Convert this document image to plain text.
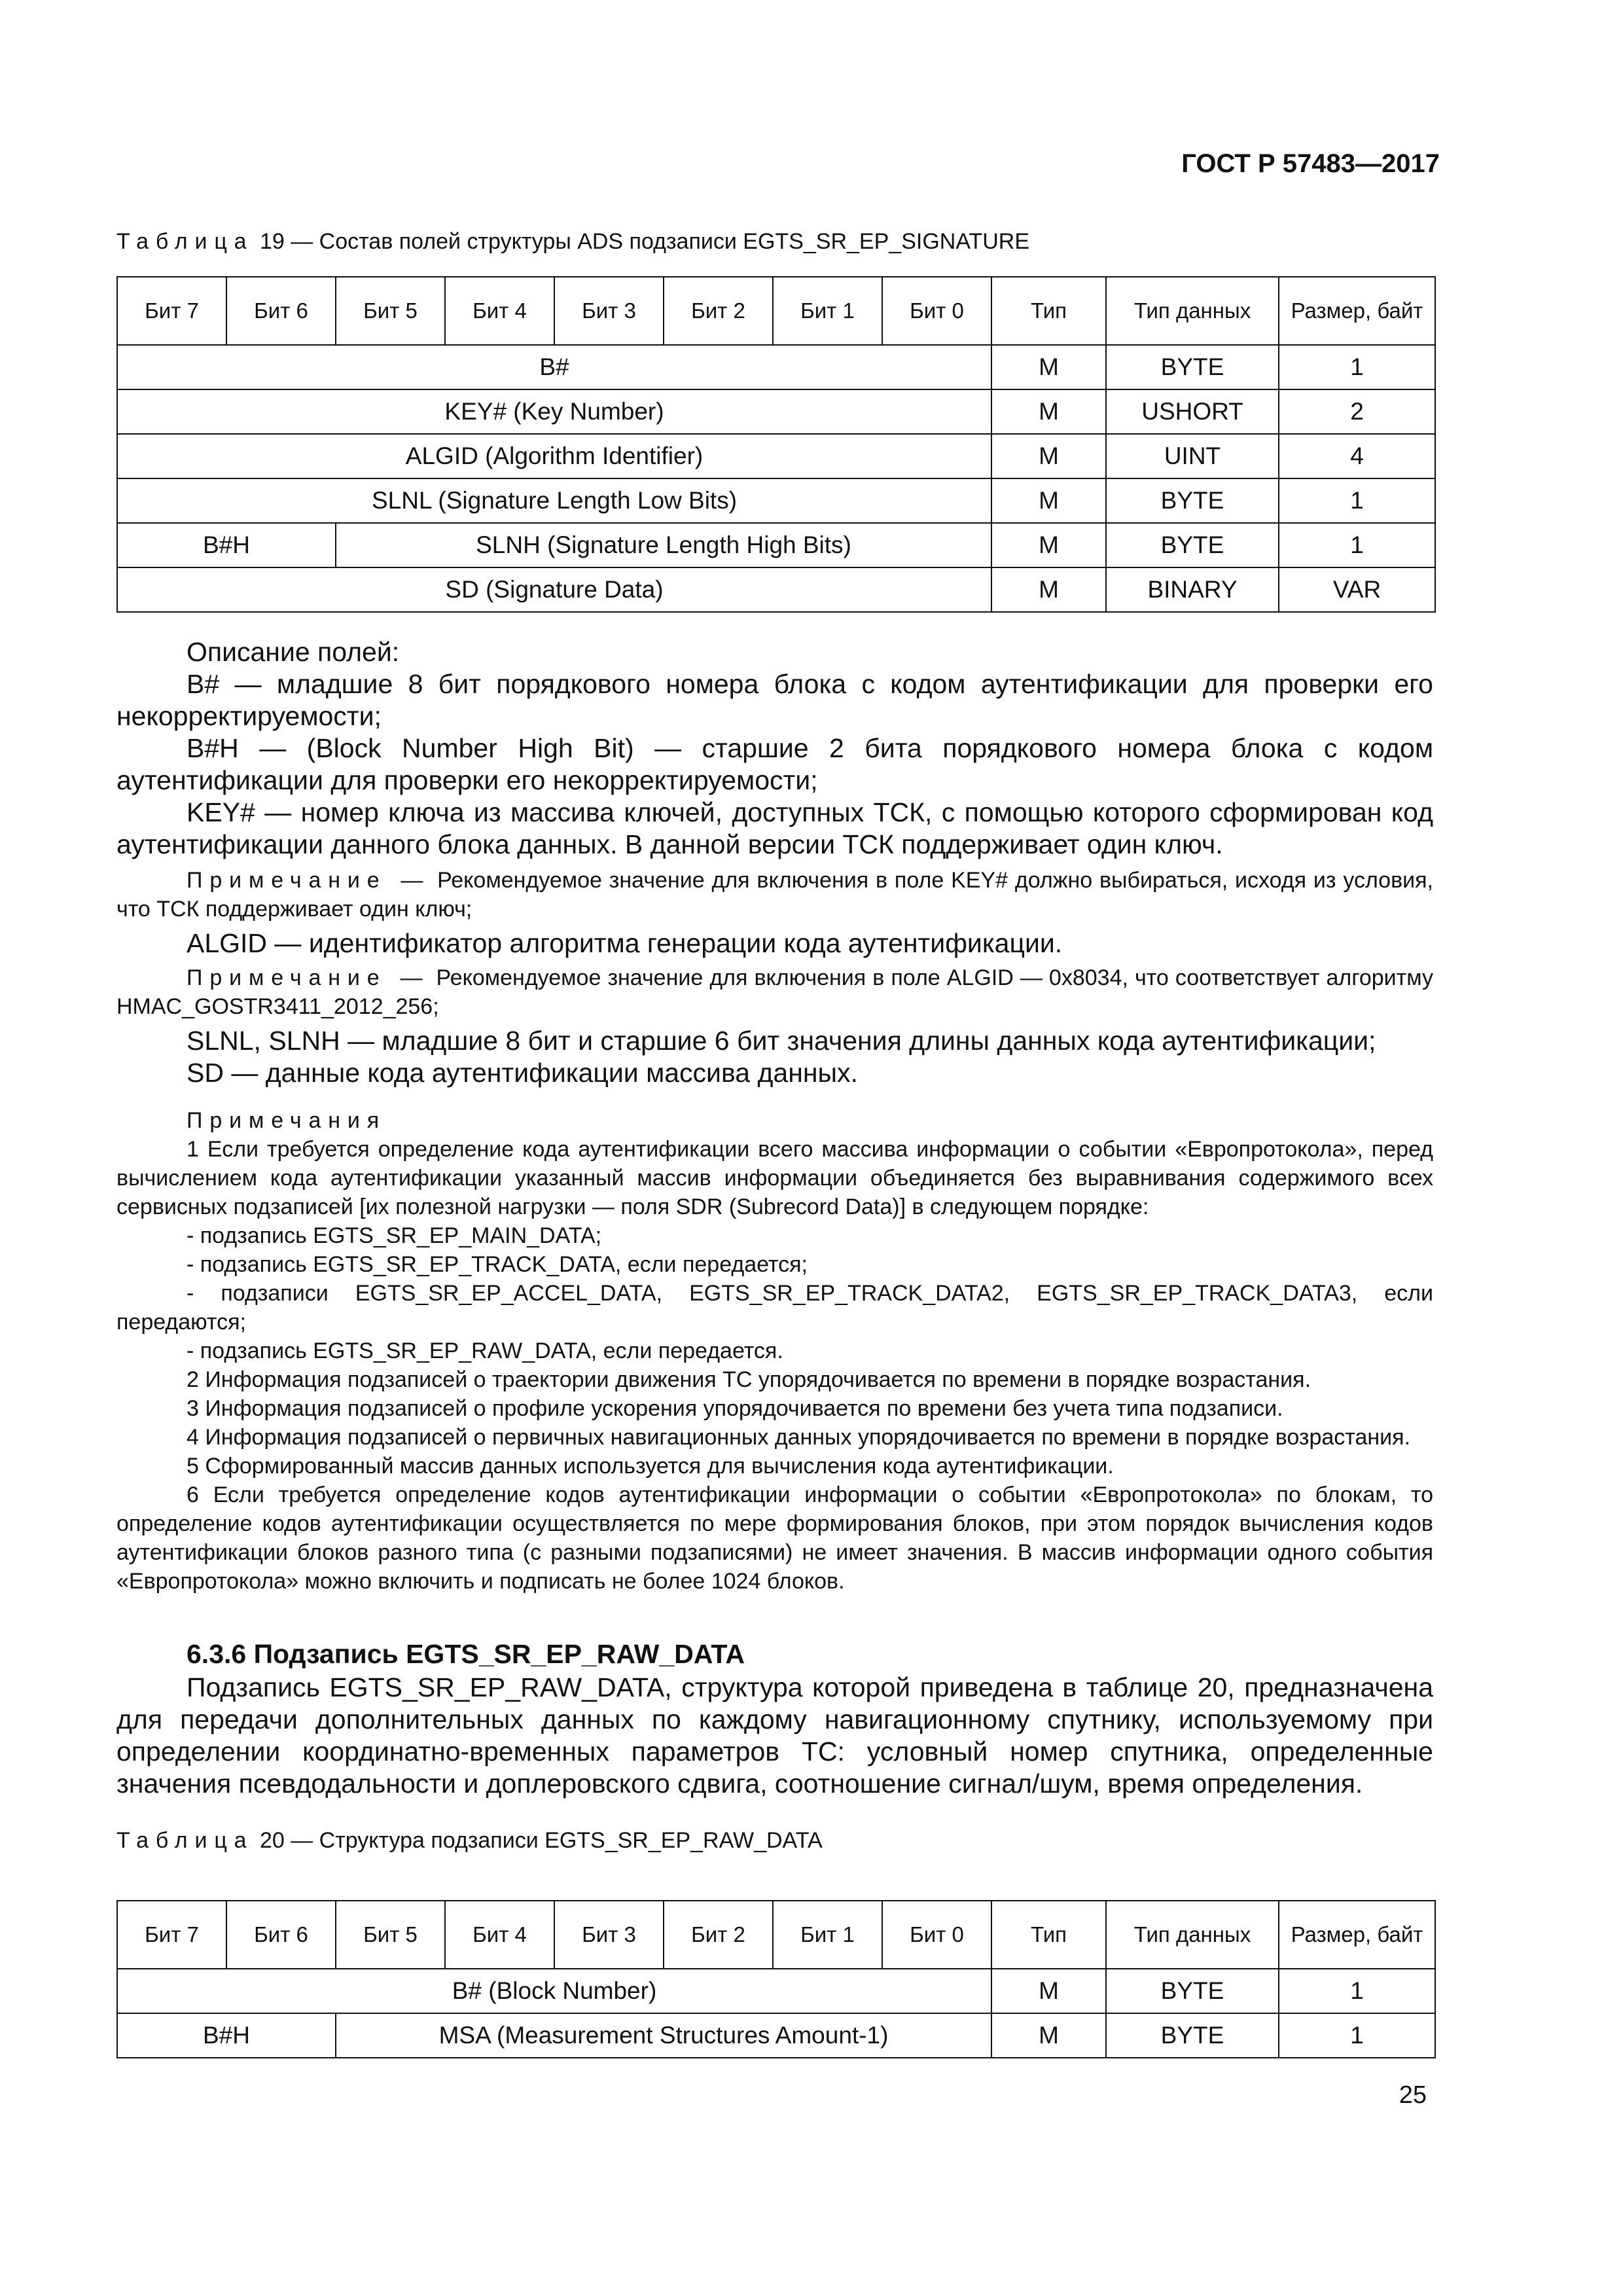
ГОСТ Р 57483—2017
Таблица 19 — Состав полей структуры ADS подзаписи EGTS_SR_EP_SIGNATURE
Бит 7	Бит 6	Бит 5	Бит 4	Бит 3	Бит 2	Бит 1	Бит 0	Тип	Тип данных	Размер, байт
B#								M	BYTE	1
KEY# (Key Number)								M	USHORT	2
ALGID (Algorithm Identifier)								M	UINT	4
SLNL (Signature Length Low Bits)								M	BYTE	1
B#H		SLNH (Signature Length High Bits)						M	BYTE	1
SD (Signature Data)								M	BINARY	VAR

Описание полей:

B# — младшие 8 бит порядкового номера блока с кодом аутентификации для проверки его некорректируемости;

B#H — (Block Number High Bit) — старшие 2 бита порядкового номера блока с кодом аутентификации для проверки его некорректируемости;

KEY# — номер ключа из массива ключей, доступных ТСК, с помощью которого сформирован код аутентификации данного блока данных. В данной версии ТСК поддерживает один ключ.

Примечание — Рекомендуемое значение для включения в поле KEY# должно выбираться, исходя из условия, что ТСК поддерживает один ключ;

ALGID — идентификатор алгоритма генерации кода аутентификации.

Примечание — Рекомендуемое значение для включения в поле ALGID — 0x8034, что соответствует алгоритму HMAC_GOSTR3411_2012_256;

SLNL, SLNH — младшие 8 бит и старшие 6 бит значения длины данных кода аутентификации;

SD — данные кода аутентификации массива данных.

Примечания

1 Если требуется определение кода аутентификации всего массива информации о событии «Европротокола», перед вычислением кода аутентификации указанный массив информации объединяется без выравнивания содержимого всех сервисных подзаписей [их полезной нагрузки — поля SDR (Subrecord Data)] в следующем порядке:

- подзапись EGTS_SR_EP_MAIN_DATA;

- подзапись EGTS_SR_EP_TRACK_DATA, если передается;

- подзаписи EGTS_SR_EP_ACCEL_DATA, EGTS_SR_EP_TRACK_DATA2, EGTS_SR_EP_TRACK_DATA3, если передаются;

- подзапись EGTS_SR_EP_RAW_DATA, если передается.

2 Информация подзаписей о траектории движения ТС упорядочивается по времени в порядке возрастания.

3 Информация подзаписей о профиле ускорения упорядочивается по времени без учета типа подзаписи.

4 Информация подзаписей о первичных навигационных данных упорядочивается по времени в порядке возрастания.

5 Сформированный массив данных используется для вычисления кода аутентификации.

6 Если требуется определение кодов аутентификации информации о событии «Европротокола» по блокам, то определение кодов аутентификации осуществляется по мере формирования блоков, при этом порядок вычисления кодов аутентификации блоков разного типа (с разными подзаписями) не имеет значения. В массив информации одного события «Европротокола» можно включить и подписать не более 1024 блоков.

6.3.6 Подзапись EGTS_SR_EP_RAW_DATA

Подзапись EGTS_SR_EP_RAW_DATA, структура которой приведена в таблице 20, предназначена для передачи дополнительных данных по каждому навигационному спутнику, используемому при определении координатно-временных параметров ТС: условный номер спутника, определенные значения псевдодальности и доплеровского сдвига, соотношение сигнал/шум, время определения.

Таблица 20 — Структура подзаписи EGTS_SR_EP_RAW_DATA
Бит 7	Бит 6	Бит 5	Бит 4	Бит 3	Бит 2	Бит 1	Бит 0	Тип	Тип данных	Размер, байт
B# (Block Number)								M	BYTE	1
B#H		MSA (Measurement Structures Amount-1)						M	BYTE	1
25
